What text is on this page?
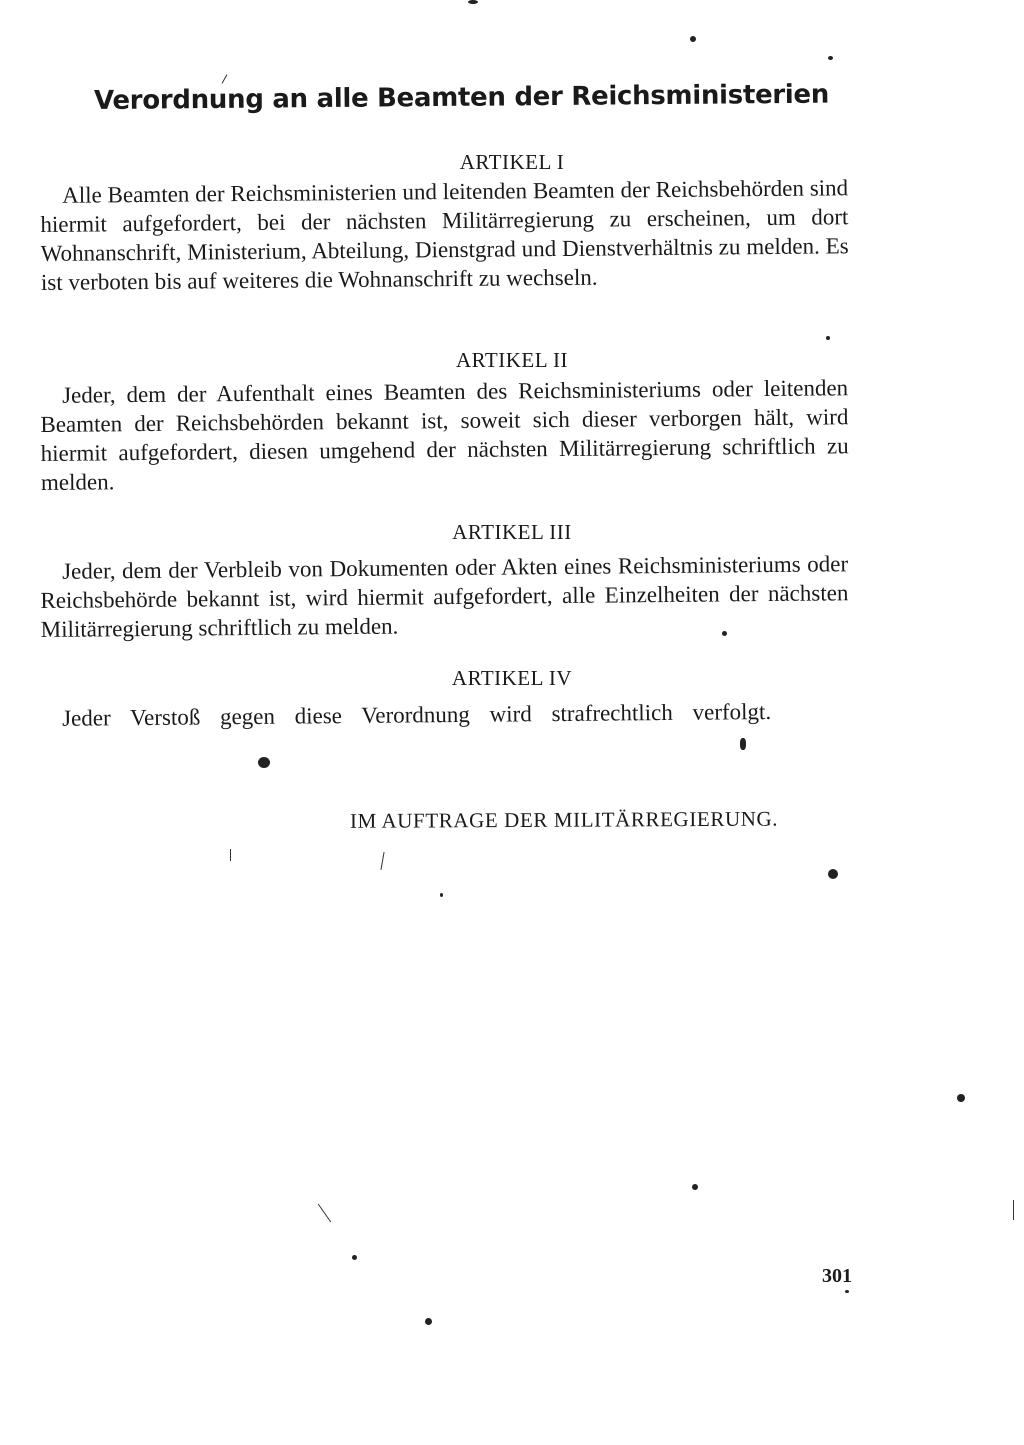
Verordnung an alle Beamten der Reichsministerien
ARTIKEL I
Alle Beamten der Reichsministerien und leitenden Beamten der Reichsbehörden sind hiermit aufgefordert, bei der nächsten Militärregierung zu erscheinen, um dort Wohnanschrift, Ministerium, Abteilung, Dienstgrad und Dienstverhältnis zu melden. Es ist verboten bis auf weiteres die Wohnanschrift zu wechseln.
ARTIKEL II
Jeder, dem der Aufenthalt eines Beamten des Reichsministeriums oder leitenden Beamten der Reichsbehörden bekannt ist, soweit sich dieser verborgen hält, wird hiermit aufgefordert, diesen umgehend der nächsten Militärregierung schriftlich zu melden.
ARTIKEL III
Jeder, dem der Verbleib von Dokumenten oder Akten eines Reichsministeriums oder Reichsbehörde bekannt ist, wird hiermit aufgefordert, alle Einzelheiten der nächsten Militärregierung schriftlich zu melden.
ARTIKEL IV
Jeder Verstoß gegen diese Verordnung wird strafrechtlich verfolgt.
IM AUFTRAGE DER MILITÄRREGIERUNG.
301
